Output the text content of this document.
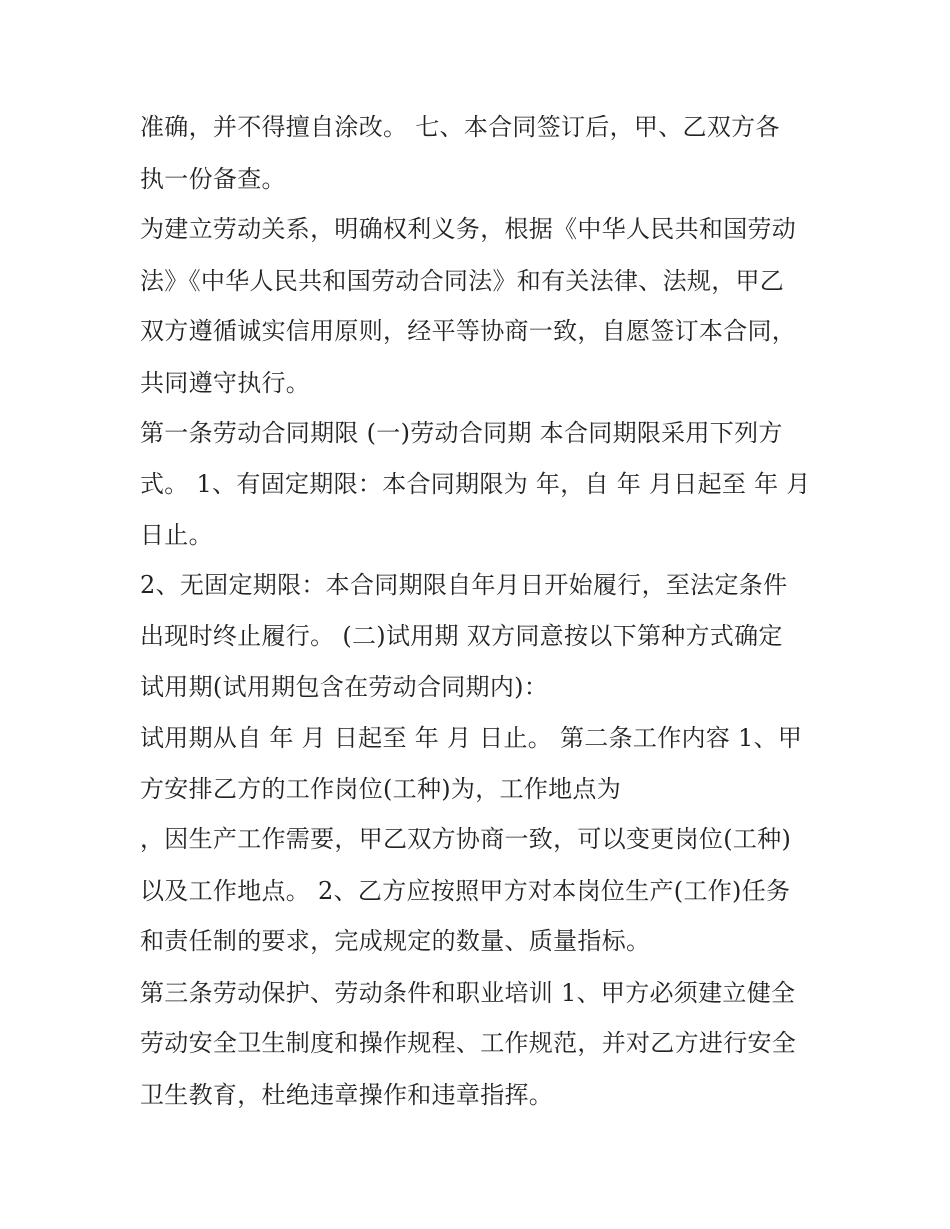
准确，并不得擅自涂改。 七、本合同签订后，甲、乙双方各
执一份备查。
为建立劳动关系，明确权利义务，根据《中华人民共和国劳动
法》《中华人民共和国劳动合同法》和有关法律、法规，甲乙
双方遵循诚实信用原则，经平等协商一致，自愿签订本合同，
共同遵守执行。
第一条劳动合同期限 (一)劳动合同期 本合同期限采用下列方
式。 1、有固定期限：本合同期限为 年，自 年 月日起至 年 月
日止。
2、无固定期限：本合同期限自年月日开始履行，至法定条件
出现时终止履行。 (二)试用期 双方同意按以下第种方式确定
试用期(试用期包含在劳动合同期内)：
试用期从自 年 月 日起至 年 月 日止。 第二条工作内容 1、甲
方安排乙方的工作岗位(工种)为，工作地点为
，因生产工作需要，甲乙双方协商一致，可以变更岗位(工种)
以及工作地点。 2、乙方应按照甲方对本岗位生产(工作)任务
和责任制的要求，完成规定的数量、质量指标。
第三条劳动保护、劳动条件和职业培训 1、甲方必须建立健全
劳动安全卫生制度和操作规程、工作规范，并对乙方进行安全
卫生教育，杜绝违章操作和违章指挥。
